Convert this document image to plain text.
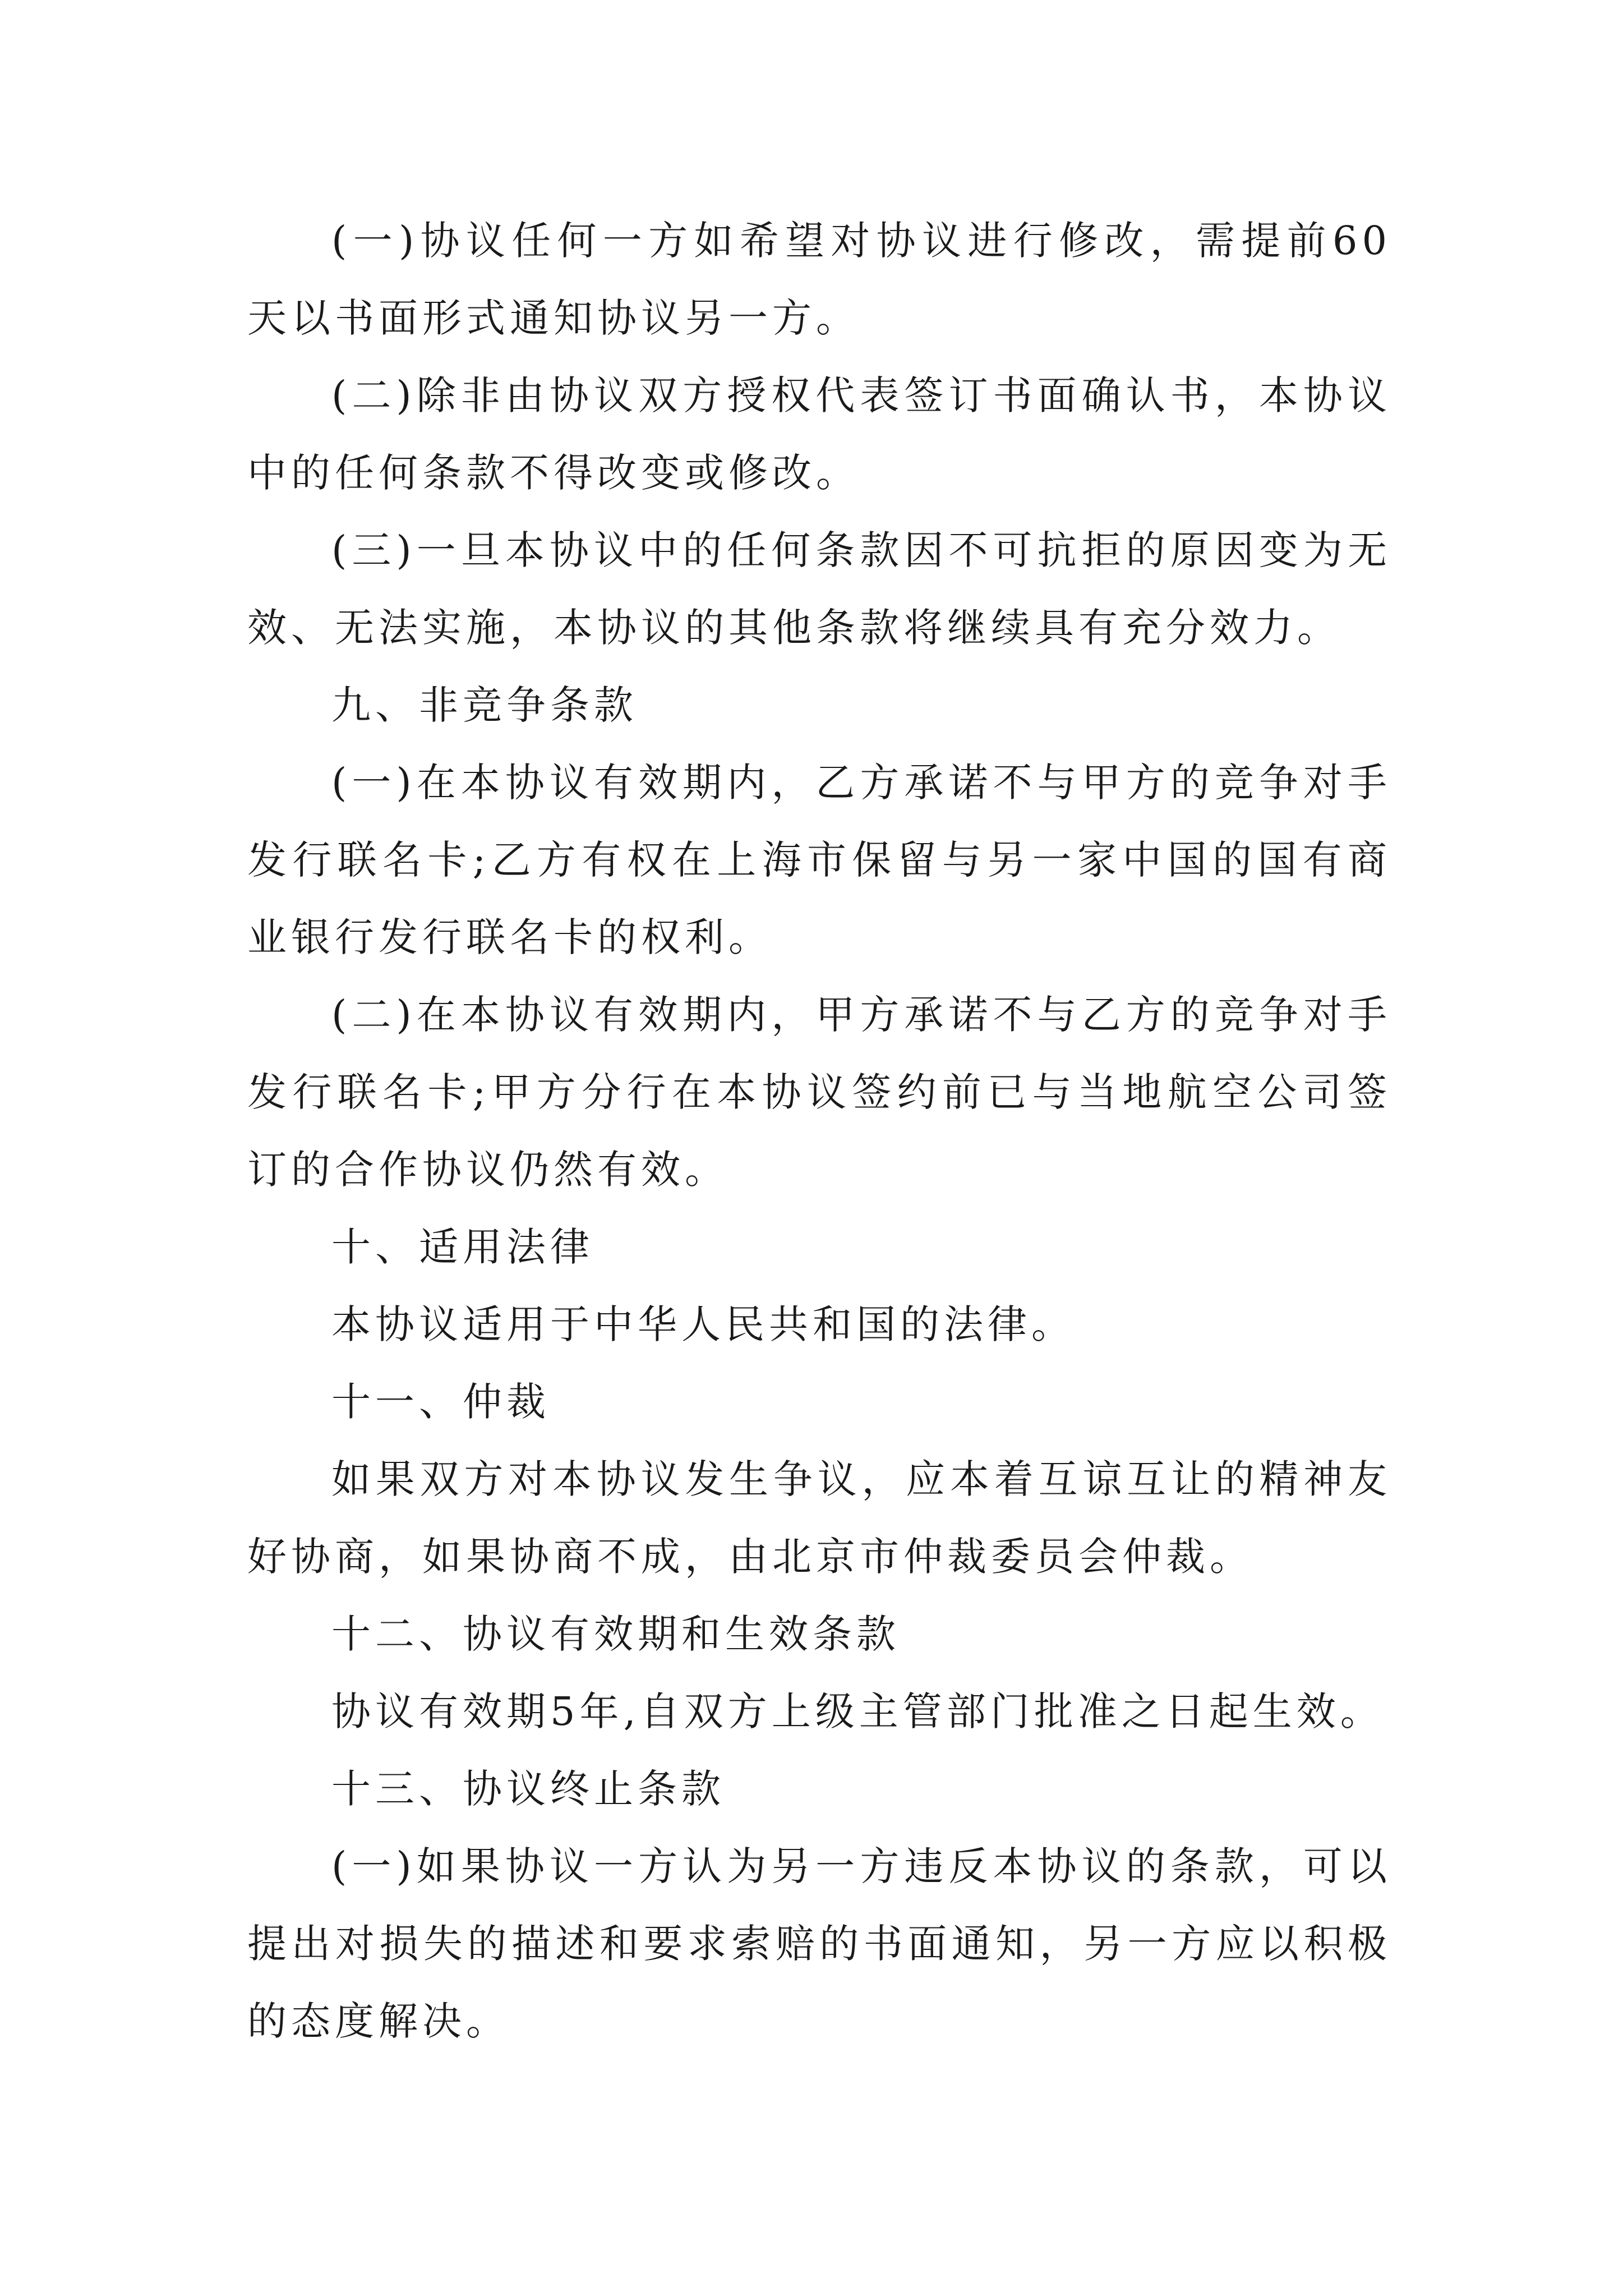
(一)协议任何一方如希望对协议进行修改，需提前60天以书面形式通知协议另一方。

(二)除非由协议双方授权代表签订书面确认书，本协议中的任何条款不得改变或修改。

(三)一旦本协议中的任何条款因不可抗拒的原因变为无效、无法实施，本协议的其他条款将继续具有充分效力。

九、非竞争条款

(一)在本协议有效期内，乙方承诺不与甲方的竞争对手发行联名卡;乙方有权在上海市保留与另一家中国的国有商业银行发行联名卡的权利。

(二)在本协议有效期内，甲方承诺不与乙方的竞争对手发行联名卡;甲方分行在本协议签约前已与当地航空公司签订的合作协议仍然有效。

十、适用法律

本协议适用于中华人民共和国的法律。

十一、仲裁

如果双方对本协议发生争议，应本着互谅互让的精神友好协商，如果协商不成，由北京市仲裁委员会仲裁。

十二、协议有效期和生效条款

协议有效期5年,自双方上级主管部门批准之日起生效。

十三、协议终止条款

(一)如果协议一方认为另一方违反本协议的条款，可以提出对损失的描述和要求索赔的书面通知，另一方应以积极的态度解决。
